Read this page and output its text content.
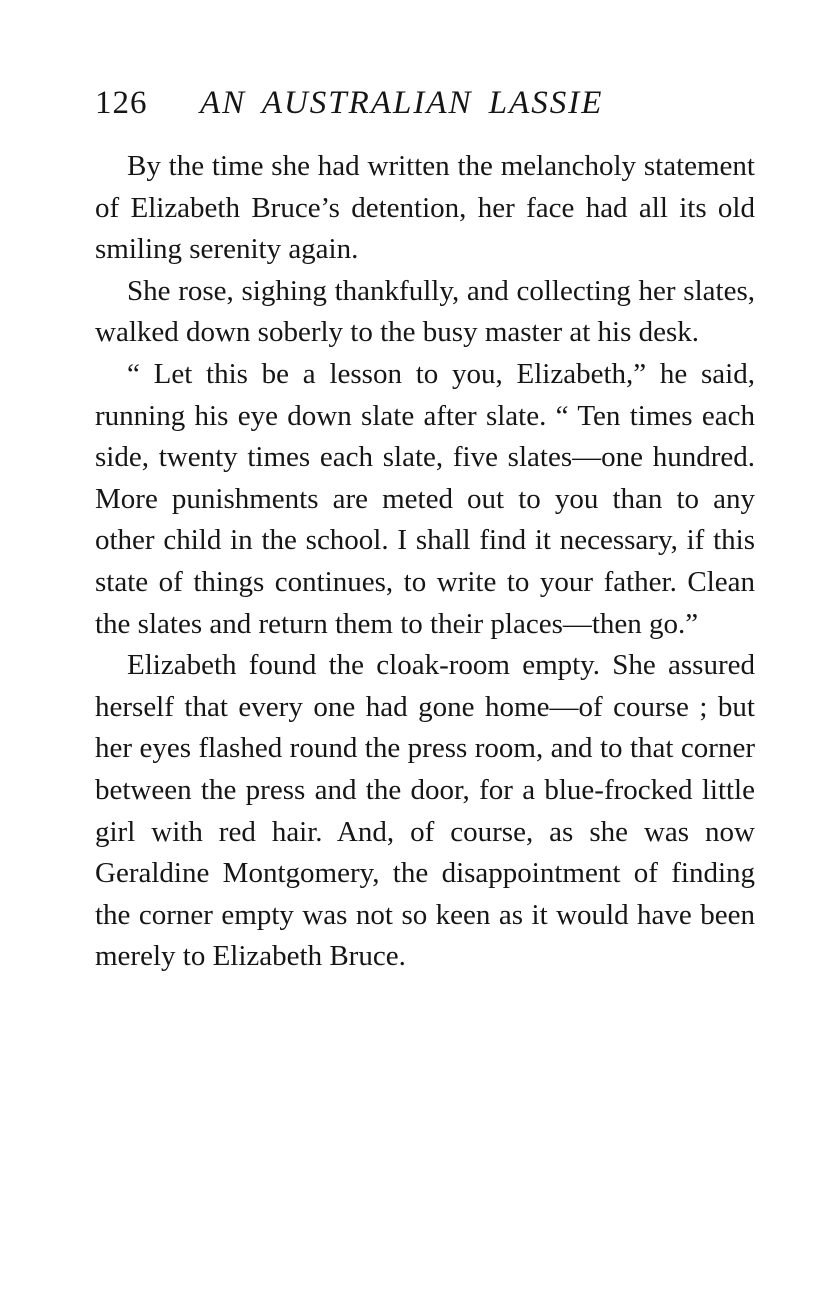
126 AN AUSTRALIAN LASSIE

By the time she had written the melancholy statement of Elizabeth Bruce’s detention, her face had all its old smiling serenity again.

She rose, sighing thankfully, and collecting her slates, walked down soberly to the busy master at his desk.

“ Let this be a lesson to you, Elizabeth,” he said, running his eye down slate after slate. “ Ten times each side, twenty times each slate, five slates—one hundred. More punishments are meted out to you than to any other child in the school. I shall find it necessary, if this state of things continues, to write to your father. Clean the slates and return them to their places—then go.”

Elizabeth found the cloak-room empty. She assured herself that every one had gone home—of course ; but her eyes flashed round the press room, and to that corner between the press and the door, for a blue-frocked little girl with red hair. And, of course, as she was now Geraldine Montgomery, the disappointment of finding the corner empty was not so keen as it would have been merely to Elizabeth Bruce.
